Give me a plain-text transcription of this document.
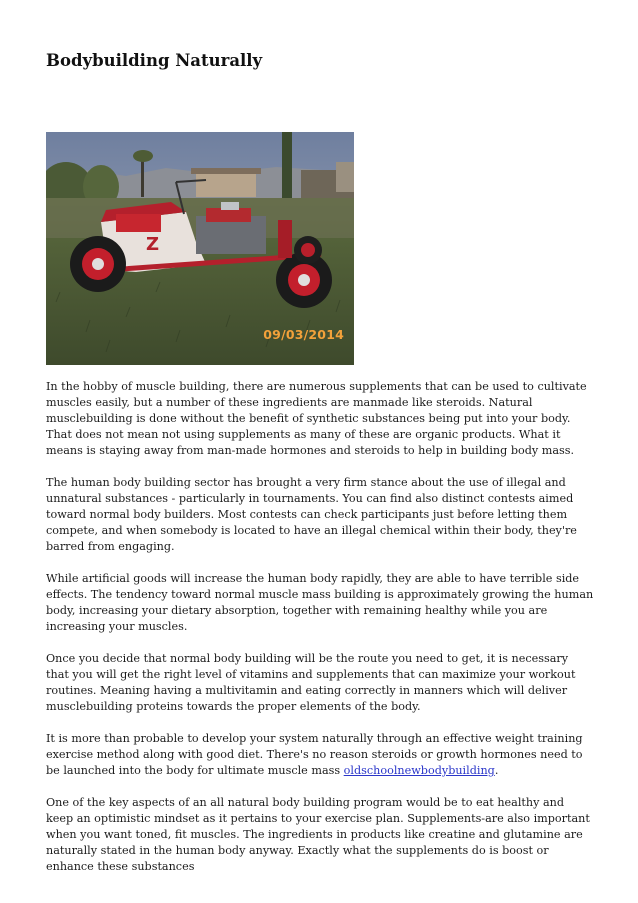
Bodybuilding Naturally
Z
09/03/2014

In the hobby of muscle building, there are numerous supplements that can be used to cultivate muscles easily, but a number of these ingredients are manmade like steroids. Natural musclebuilding is done without the benefit of synthetic substances being put into your body. That does not mean not using supplements as many of these are organic products. What it means is staying away from man-made hormones and steroids to help in building body mass.

The human body building sector has brought a very firm stance about the use of illegal and unnatural substances - particularly in tournaments. You can find also distinct contests aimed toward normal body builders. Most contests can check participants just before letting them compete, and when somebody is located to have an illegal chemical within their body, they're barred from engaging.

While artificial goods will increase the human body rapidly, they are able to have terrible side effects. The tendency toward normal muscle mass building is approximately growing the human body, increasing your dietary absorption, together with remaining healthy while you are increasing your muscles.

Once you decide that normal body building will be the route you need to get, it is necessary that you will get the right level of vitamins and supplements that can maximize your workout routines. Meaning having a multivitamin and eating correctly in manners which will deliver musclebuilding proteins towards the proper elements of the body.

It is more than probable to develop your system naturally through an effective weight training exercise method along with good diet. There's no reason steroids or growth hormones need to be launched into the body for ultimate muscle mass oldschoolnewbodybuilding.

One of the key aspects of an all natural body building program would be to eat healthy and keep an optimistic mindset as it pertains to your exercise plan. Supplements-are also important when you want toned, fit muscles. The ingredients in products like creatine and glutamine are naturally stated in the human body anyway. Exactly what the supplements do is boost or enhance these substances
